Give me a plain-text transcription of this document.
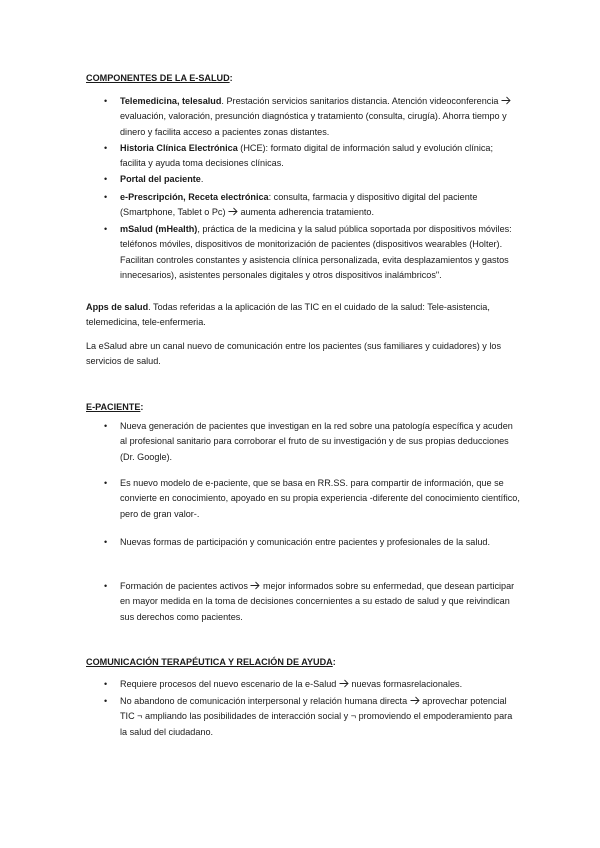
COMPONENTES DE LA E-SALUD:
• Telemedicina, telesalud. Prestación servicios sanitarios distancia. Atención videoconferencia  evaluación, valoración, presunción diagnóstica y tratamiento (consulta, cirugía). Ahorra tiempo y dinero y facilita acceso a pacientes zonas distantes.
• Historia Clínica Electrónica (HCE): formato digital de información salud y evolución clínica; facilita y ayuda toma decisiones clínicas.
• Portal del paciente.
• e-Prescripción, Receta electrónica: consulta, farmacia y dispositivo digital del paciente (Smartphone, Tablet o Pc)  aumenta adherencia tratamiento.
• mSalud (mHealth), práctica de la medicina y la salud pública soportada por dispositivos móviles: teléfonos móviles, dispositivos de monitorización de pacientes (dispositivos wearables (Holter). Facilitan controles constantes y asistencia clínica personalizada, evita desplazamientos y gastos innecesarios), asistentes personales digitales y otros dispositivos inalámbricos".
Apps de salud. Todas referidas a la aplicación de las TIC en el cuidado de la salud: Tele-asistencia, telemedicina, tele-enfermeria.
La eSalud abre un canal nuevo de comunicación entre los pacientes (sus familiares y cuidadores) y los servicios de salud.
E-PACIENTE:
• Nueva generación de pacientes que investigan en la red sobre una patología específica y acuden al profesional sanitario para corroborar el fruto de su investigación y de sus propias deducciones (Dr. Google).
• Es nuevo modelo de e-paciente, que se basa en RR.SS. para compartir de información, que se convierte en conocimiento, apoyado en su propia experiencia -diferente del conocimiento científico, pero de gran valor-.
• Nuevas formas de participación y comunicación entre pacientes y profesionales de la salud.
• Formación de pacientes activos  mejor informados sobre su enfermedad, que desean participar en mayor medida en la toma de decisiones concernientes a su estado de salud y que reivindican sus derechos como pacientes.
COMUNICACIÓN TERAPÉUTICA Y RELACIÓN DE AYUDA:
• Requiere procesos del nuevo escenario de la e-Salud  nuevas formasrelacionales.
• No abandono de comunicación interpersonal y relación humana directa  aprovechar potencial TIC ¬ ampliando las posibilidades de interacción social y ¬ promoviendo el empoderamiento para la salud del ciudadano.
